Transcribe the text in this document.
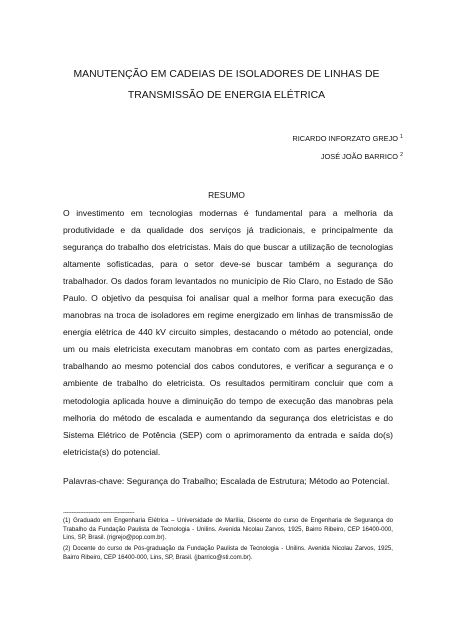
MANUTENÇÃO EM CADEIAS DE ISOLADORES DE LINHAS DE
TRANSMISSÃO DE ENERGIA ELÉTRICA
RICARDO INFORZATO GREJO $^1$
JOSÉ JOÃO BARRICO $^2$
RESUMO
O investimento em tecnologias modernas é fundamental para a melhoria da produtividade e da qualidade dos serviços já tradicionais, e principalmente da segurança do trabalho dos eletricistas. Mais do que buscar a utilização de tecnologias altamente sofisticadas, para o setor deve-se buscar também a segurança do trabalhador. Os dados foram levantados no município de Rio Claro, no Estado de São Paulo. O objetivo da pesquisa foi analisar qual a melhor forma para execução das manobras na troca de isoladores em regime energizado em linhas de transmissão de energia elétrica de 440 kV circuito simples, destacando o método ao potencial, onde um ou mais eletricista executam manobras em contato com as partes energizadas, trabalhando ao mesmo potencial dos cabos condutores, e verificar a segurança e o ambiente de trabalho do eletricista. Os resultados permitiram concluir que com a metodologia aplicada houve a diminuição do tempo de execução das manobras pela melhoria do método de escalada e aumentando da segurança dos eletricistas e do Sistema Elétrico de Potência (SEP) com o aprimoramento da entrada e saída do(s) eletricista(s) do potencial.
Palavras-chave: Segurança do Trabalho; Escalada de Estrutura; Método ao Potencial.
------------------------------------------
(1) Graduado em Engenharia Elétrica – Universidade de Marília, Discente do curso de Engenharia de Segurança do Trabalho da Fundação Paulista de Tecnologia - Unilins. Avenida Nicolau Zarvos, 1925, Bairro Ribeiro, CEP 16400-000, Lins, SP, Brasil. (rigrejo@pop.com.br).
(2) Docente do curso de Pós-graduação da Fundação Paulista de Tecnologia - Unilins. Avenida Nicolau Zarvos, 1925, Bairro Ribeiro, CEP 16400-000, Lins, SP, Brasil. (jbarrico@sti.com.br).
